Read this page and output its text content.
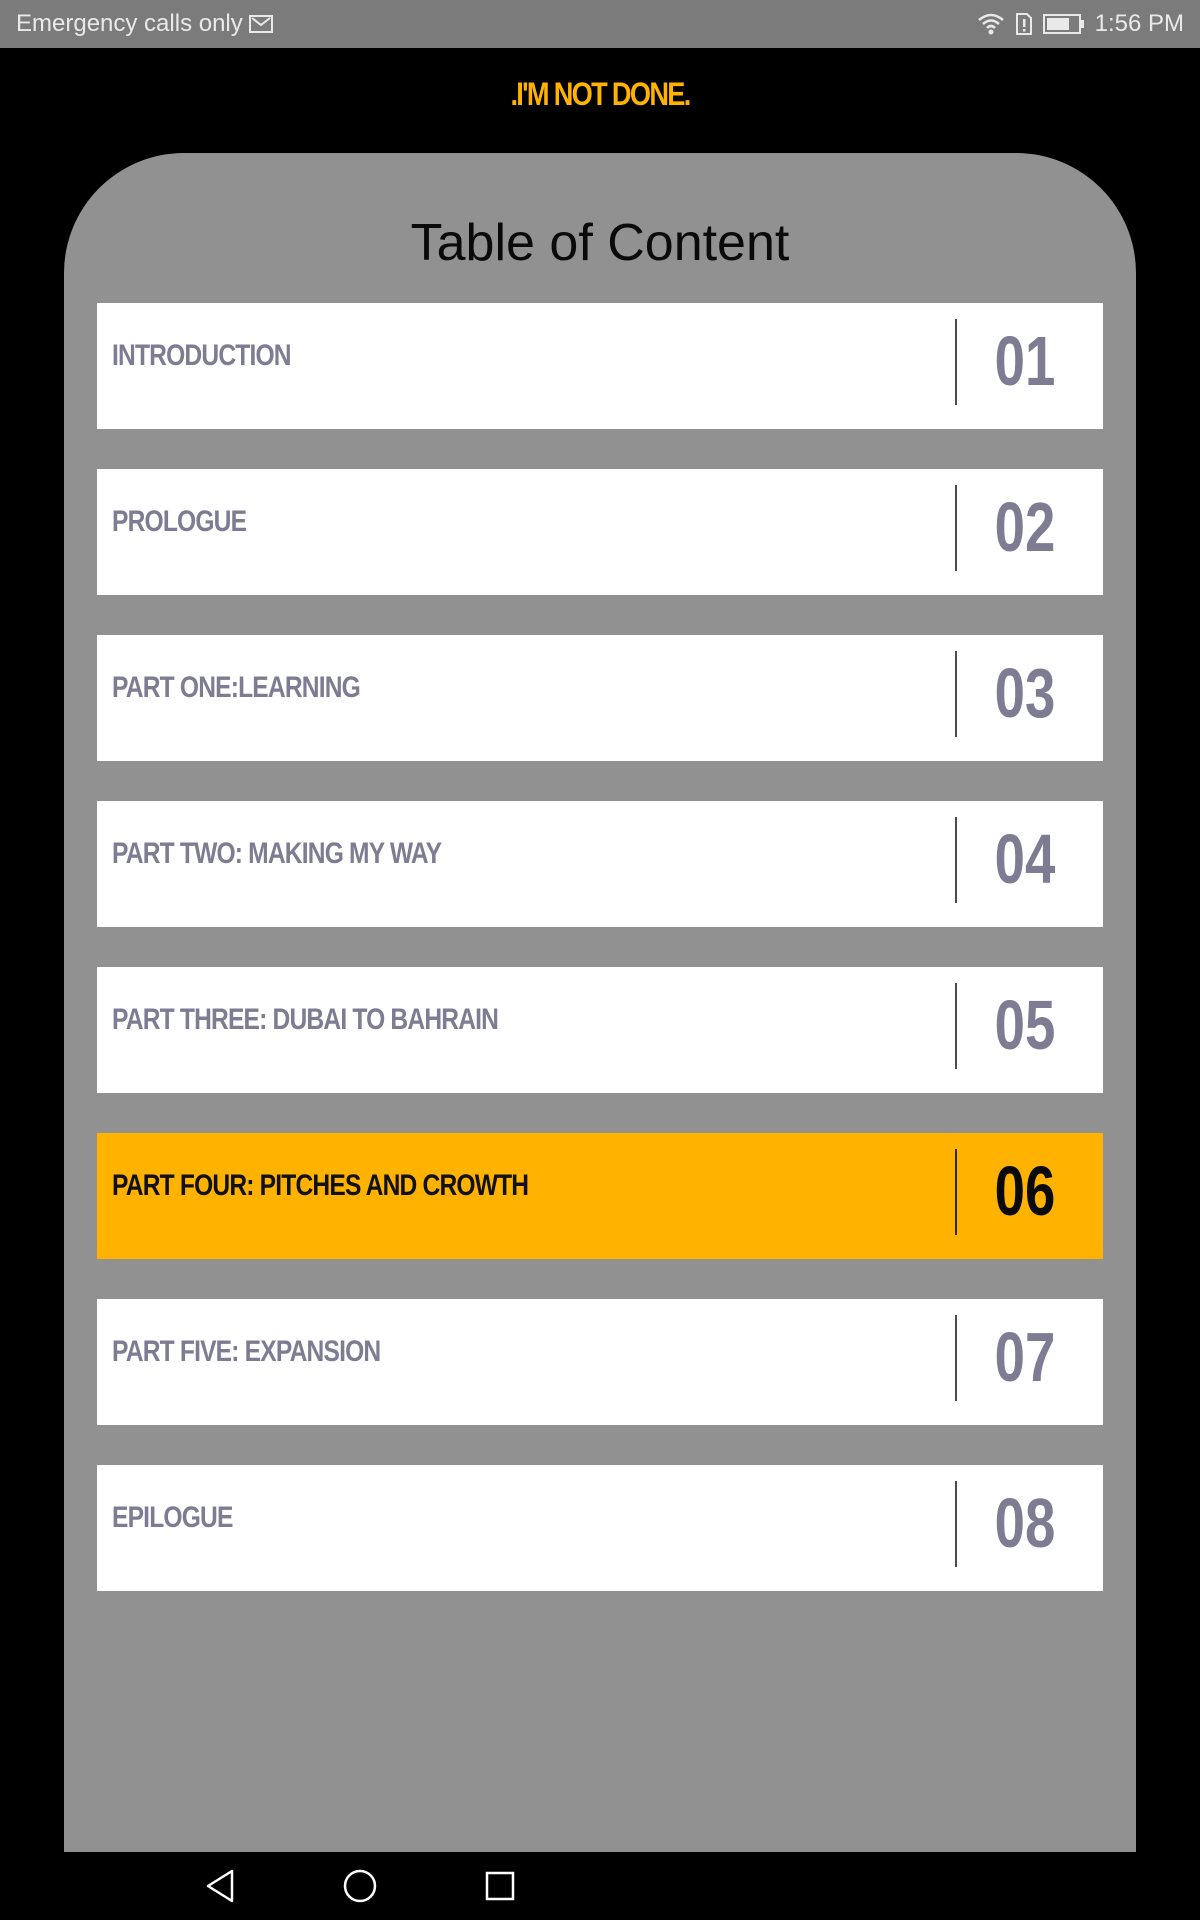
Emergency calls only	1:56 PM
.I'M NOT DONE.
Table of Content
INTRODUCTION	01
PROLOGUE	02
PART ONE:LEARNING	03
PART TWO: MAKING MY WAY	04
PART THREE: DUBAI TO BAHRAIN	05
PART FOUR: PITCHES AND CROWTH	06
PART FIVE: EXPANSION	07
EPILOGUE	08
